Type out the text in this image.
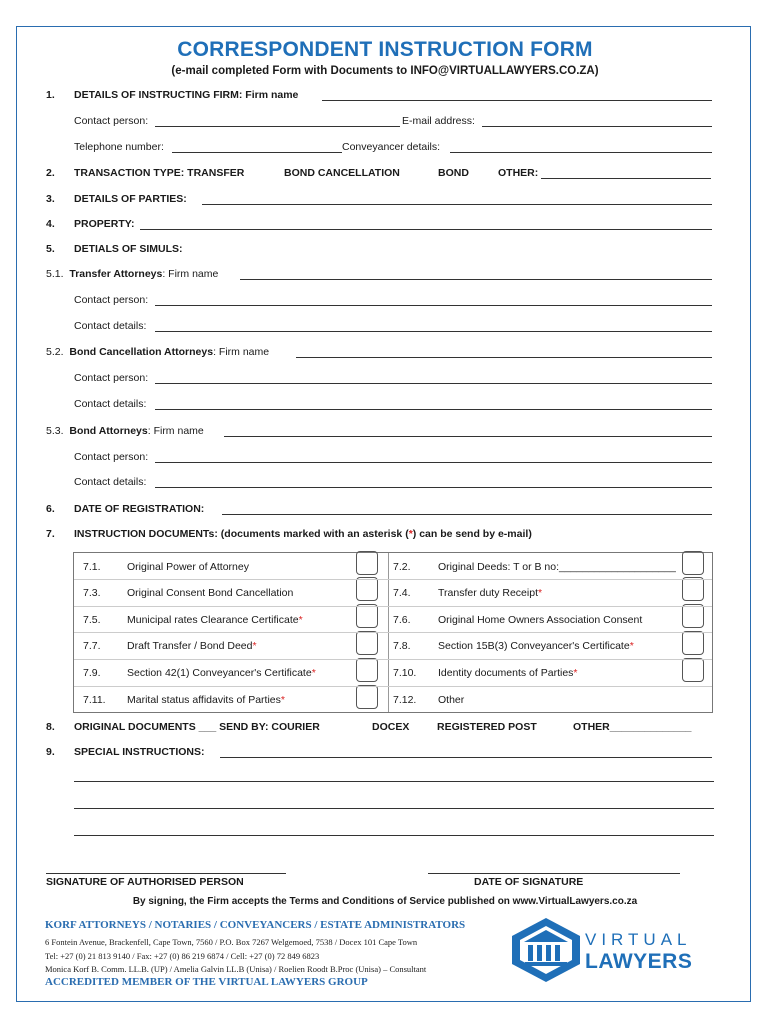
CORRESPONDENT INSTRUCTION FORM
(e-mail completed Form with Documents to INFO@VIRTUALLAWYERS.CO.ZA)
1. DETAILS OF INSTRUCTING FIRM: Firm name
Contact person:	E-mail address:
Telephone number:	Conveyancer details:
2. TRANSACTION TYPE: TRANSFER	BOND CANCELLATION	BOND	OTHER:
3. DETAILS OF PARTIES:
4. PROPERTY:
5. DETIALS OF SIMULS:
5.1. Transfer Attorneys: Firm name
Contact person:
Contact details:
5.2. Bond Cancellation Attorneys: Firm name
Contact person:
Contact details:
5.3. Bond Attorneys: Firm name
Contact person:
Contact details:
6. DATE OF REGISTRATION:
7. INSTRUCTION DOCUMENTs: (documents marked with an asterisk (*) can be send by e-mail)
7.1.	Original Power of Attorney	7.2.	Original Deeds: T or B no:____________________
7.3.	Original Consent Bond Cancellation	7.4.	Transfer duty Receipt*
7.5.	Municipal rates Clearance Certificate*	7.6.	Original Home Owners Association Consent
7.7.	Draft Transfer / Bond Deed*	7.8.	Section 15B(3) Conveyancer's Certificate*
7.9.	Section 42(1) Conveyancer's Certificate*	7.10. Identity documents of Parties*
7.11. Marital status affidavits of Parties*	7.12. Other
8. ORIGINAL DOCUMENTS ___ SEND BY: COURIER	DOCEX	REGISTERED POST	OTHER______________
9. SPECIAL INSTRUCTIONS:
SIGNATURE OF AUTHORISED PERSON	DATE OF SIGNATURE
By signing, the Firm accepts the Terms and Conditions of Service published on www.VirtualLawyers.co.za
KORF ATTORNEYS / NOTARIES / CONVEYANCERS / ESTATE ADMINISTRATORS
6 Fontein Avenue, Brackenfell, Cape Town, 7560 / P.O. Box 7267 Welgemoed, 7538 / Docex 101 Cape Town
Tel: +27 (0) 21 813 9140 / Fax: +27 (0) 86 219 6874 / Cell: +27 (0) 72 849 6823
Monica Korf B. Comm. LL.B. (UP) / Amelia Galvin LL.B (Unisa) / Roelien Roodt B.Proc (Unisa) – Consultant
ACCREDITED MEMBER OF THE VIRTUAL LAWYERS GROUP
VIRTUAL
LAWYERS
